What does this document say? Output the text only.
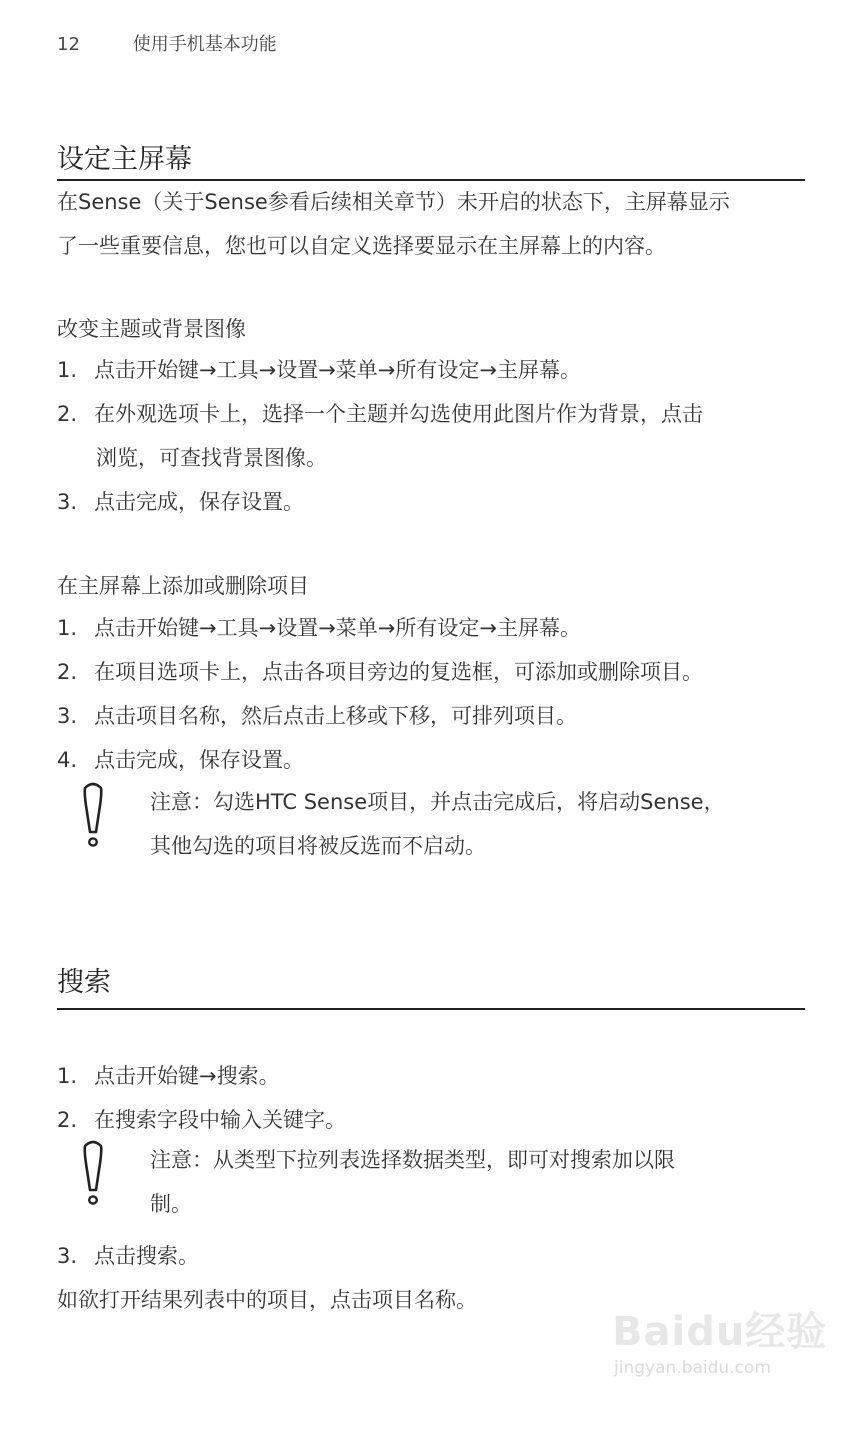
12	使用手机基本功能
设定主屏幕
在Sense（关于Sense参看后续相关章节）未开启的状态下，主屏幕显示
了一些重要信息，您也可以自定义选择要显示在主屏幕上的内容。
改变主题或背景图像
1. 点击开始键→工具→设置→菜单→所有设定→主屏幕。
2. 在外观选项卡上，选择一个主题并勾选使用此图片作为背景，点击
浏览，可查找背景图像。
3. 点击完成，保存设置。
在主屏幕上添加或删除项目
1. 点击开始键→工具→设置→菜单→所有设定→主屏幕。
2. 在项目选项卡上，点击各项目旁边的复选框，可添加或删除项目。
3. 点击项目名称，然后点击上移或下移，可排列项目。
4. 点击完成，保存设置。
注意：勾选HTC Sense项目，并点击完成后，将启动Sense，
其他勾选的项目将被反选而不启动。
搜索
1. 点击开始键→搜索。
2. 在搜索字段中输入关键字。
注意：从类型下拉列表选择数据类型，即可对搜索加以限
制。
3. 点击搜索。
如欲打开结果列表中的项目，点击项目名称。
Baidu经验
jingyan.baidu.com
